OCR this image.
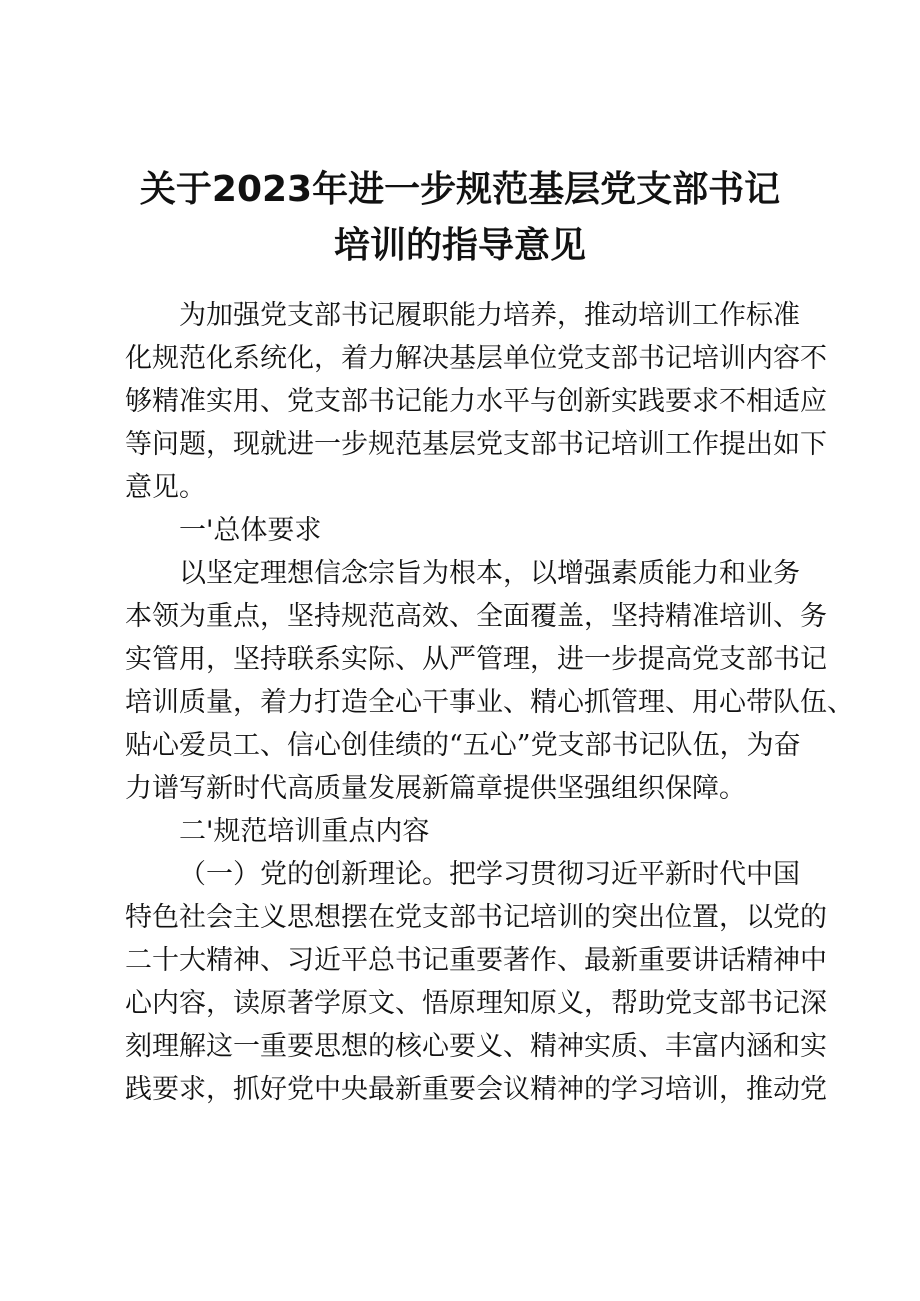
关于2023年进一步规范基层党支部书记
培训的指导意见
为加强党支部书记履职能力培养，推动培训工作标准
化规范化系统化，着力解决基层单位党支部书记培训内容不
够精准实用、党支部书记能力水平与创新实践要求不相适应
等问题，现就进一步规范基层党支部书记培训工作提出如下
意见。
一'总体要求
以坚定理想信念宗旨为根本，以增强素质能力和业务
本领为重点，坚持规范高效、全面覆盖，坚持精准培训、务
实管用，坚持联系实际、从严管理，进一步提高党支部书记
培训质量，着力打造全心干事业、精心抓管理、用心带队伍、
贴心爱员工、信心创佳绩的“五心”党支部书记队伍，为奋
力谱写新时代高质量发展新篇章提供坚强组织保障。
二'规范培训重点内容
（一）党的创新理论。把学习贯彻习近平新时代中国
特色社会主义思想摆在党支部书记培训的突出位置，以党的
二十大精神、习近平总书记重要著作、最新重要讲话精神中
心内容，读原著学原文、悟原理知原义，帮助党支部书记深
刻理解这一重要思想的核心要义、精神实质、丰富内涵和实
践要求，抓好党中央最新重要会议精神的学习培训，推动党
